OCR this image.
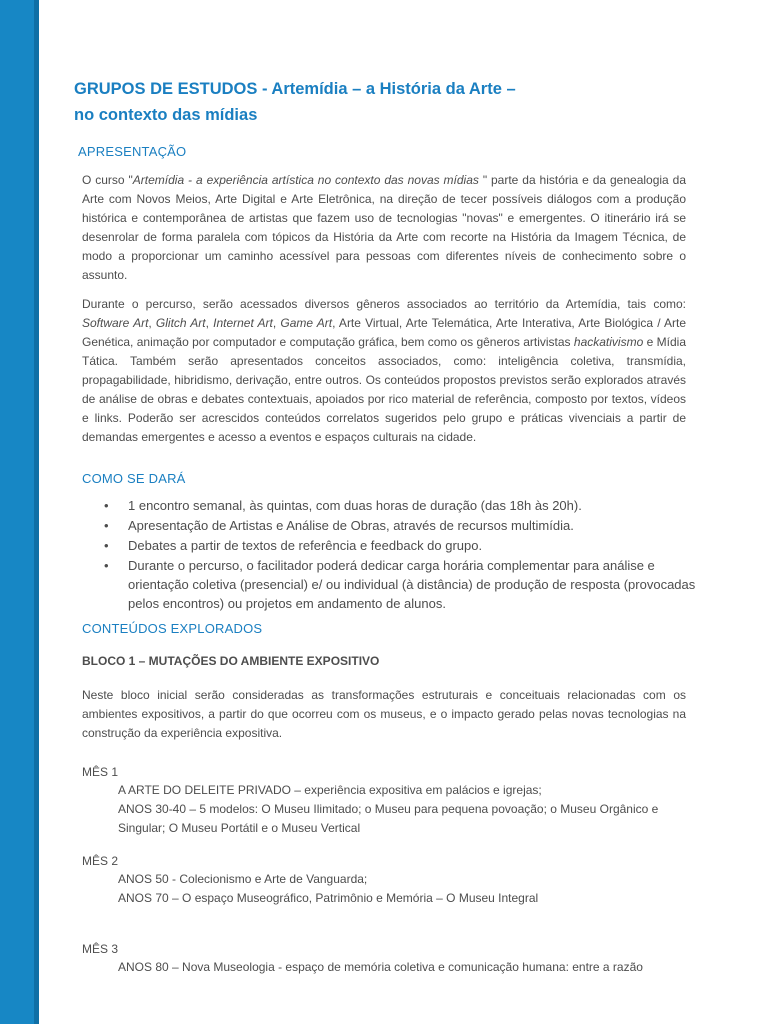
GRUPOS DE ESTUDOS - Artemídia – a História da Arte –
no contexto das mídias
APRESENTAÇÃO

O curso "Artemídia - a experiência artística no contexto das novas mídias " parte da história e da genealogia da Arte com Novos Meios, Arte Digital e Arte Eletrônica, na direção de tecer possíveis diálogos com a produção histórica e contemporânea de artistas que fazem uso de tecnologias "novas" e emergentes. O itinerário irá se desenrolar de forma paralela com tópicos da História da Arte com recorte na História da Imagem Técnica, de modo a proporcionar um caminho acessível para pessoas com diferentes níveis de conhecimento sobre o assunto.

Durante o percurso, serão acessados diversos gêneros associados ao território da Artemídia, tais como: Software Art, Glitch Art, Internet Art, Game Art, Arte Virtual, Arte Telemática, Arte Interativa, Arte Biológica / Arte Genética, animação por computador e computação gráfica, bem como os gêneros artivistas hackativismo e Mídia Tática. Também serão apresentados conceitos associados, como: inteligência coletiva, transmídia, propagabilidade, hibridismo, derivação, entre outros. Os conteúdos propostos previstos serão explorados através de análise de obras e debates contextuais, apoiados por rico material de referência, composto por textos, vídeos e links. Poderão ser acrescidos conteúdos correlatos sugeridos pelo grupo e práticas vivenciais a partir de demandas emergentes e acesso a eventos e espaços culturais na cidade.

COMO SE DARÁ
• 1 encontro semanal, às quintas, com duas horas de duração (das 18h às 20h).
• Apresentação de Artistas e Análise de Obras, através de recursos multimídia.
• Debates a partir de textos de referência e feedback do grupo.
• Durante o percurso, o facilitador poderá dedicar carga horária complementar para análise e orientação coletiva (presencial) e/ ou individual (à distância) de produção de resposta (provocadas pelos encontros) ou projetos em andamento de alunos.
CONTEÚDOS EXPLORADOS
BLOCO 1 – MUTAÇÕES DO AMBIENTE EXPOSITIVO

Neste bloco inicial serão consideradas as transformações estruturais e conceituais relacionadas com os ambientes expositivos, a partir do que ocorreu com os museus, e o impacto gerado pelas novas tecnologias na construção da experiência expositiva.

MÊS 1
A ARTE DO DELEITE PRIVADO – experiência expositiva em palácios e igrejas;
ANOS 30-40 – 5 modelos: O Museu Ilimitado; o Museu para pequena povoação; o Museu Orgânico e Singular; O Museu Portátil e o Museu Vertical
MÊS 2
ANOS 50 - Colecionismo e Arte de Vanguarda;
ANOS 70 – O espaço Museográfico, Patrimônio e Memória – O Museu Integral
MÊS 3
ANOS 80 – Nova Museologia - espaço de memória coletiva e comunicação humana: entre a razão
